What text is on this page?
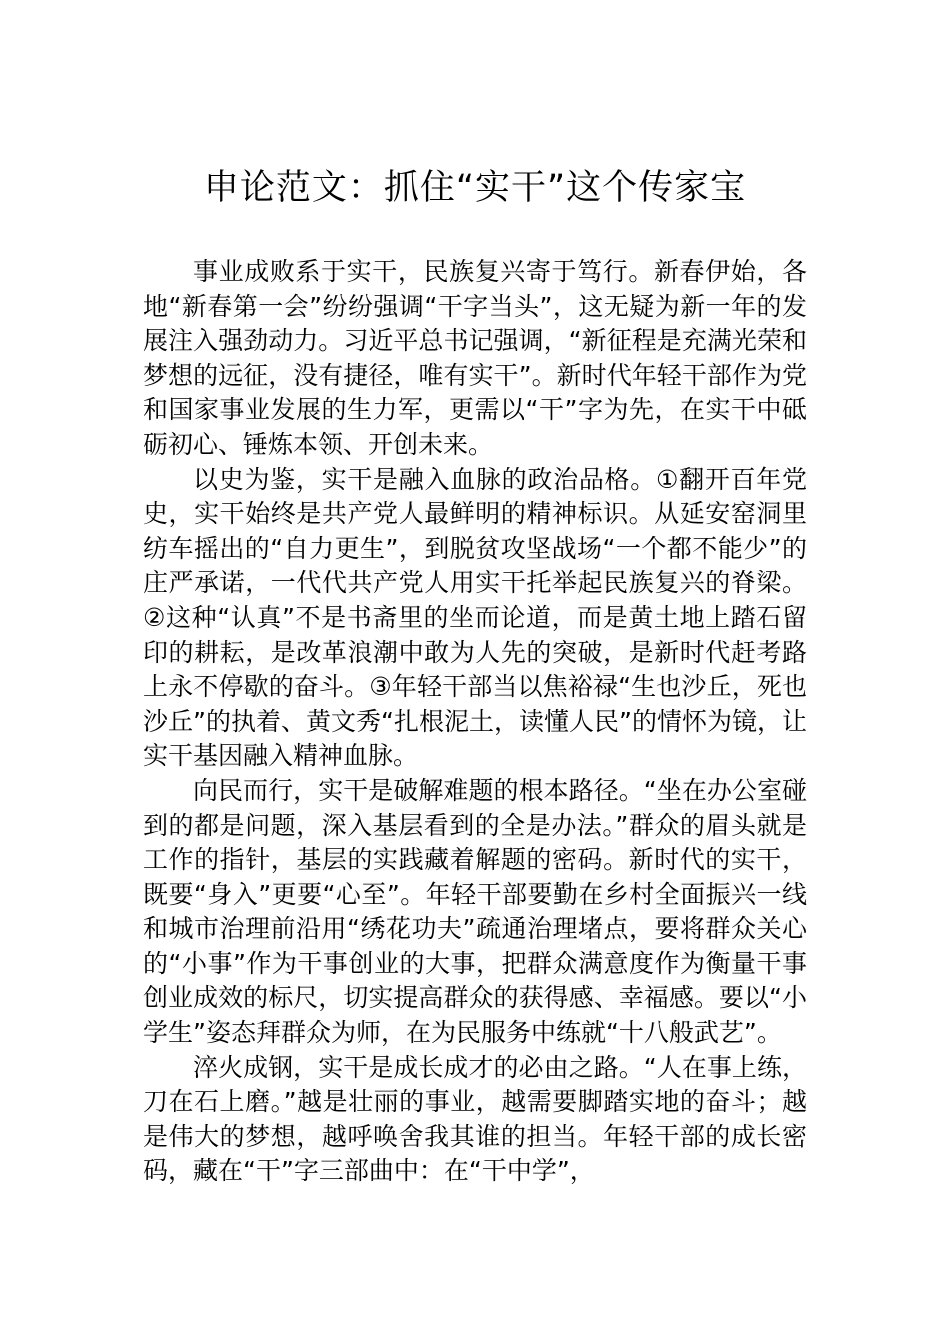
申论范文：抓住“实干”这个传家宝

事业成败系于实干，民族复兴寄于笃行。新春伊始，各地“新春第一会”纷纷强调“干字当头”，这无疑为新一年的发展注入强劲动力。习近平总书记强调，“新征程是充满光荣和梦想的远征，没有捷径，唯有实干”。新时代年轻干部作为党和国家事业发展的生力军，更需以“干”字为先，在实干中砥砺初心、锤炼本领、开创未来。

以史为鉴，实干是融入血脉的政治品格。①翻开百年党史，实干始终是共产党人最鲜明的精神标识。从延安窑洞里纺车摇出的“自力更生”，到脱贫攻坚战场“一个都不能少”的庄严承诺，一代代共产党人用实干托举起民族复兴的脊梁。②这种“认真”不是书斋里的坐而论道，而是黄土地上踏石留印的耕耘，是改革浪潮中敢为人先的突破，是新时代赶考路上永不停歇的奋斗。③年轻干部当以焦裕禄“生也沙丘，死也沙丘”的执着、黄文秀“扎根泥土，读懂人民”的情怀为镜，让实干基因融入精神血脉。

向民而行，实干是破解难题的根本路径。“坐在办公室碰到的都是问题，深入基层看到的全是办法。”群众的眉头就是工作的指针，基层的实践藏着解题的密码。新时代的实干，既要“身入”更要“心至”。年轻干部要勤在乡村全面振兴一线和城市治理前沿用“绣花功夫”疏通治理堵点，要将群众关心的“小事”作为干事创业的大事，把群众满意度作为衡量干事创业成效的标尺，切实提高群众的获得感、幸福感。要以“小学生”姿态拜群众为师，在为民服务中练就“十八般武艺”。

淬火成钢，实干是成长成才的必由之路。“人在事上练，刀在石上磨。”越是壮丽的事业，越需要脚踏实地的奋斗；越是伟大的梦想，越呼唤舍我其谁的担当。年轻干部的成长密码，藏在“干”字三部曲中：在“干中学”，
